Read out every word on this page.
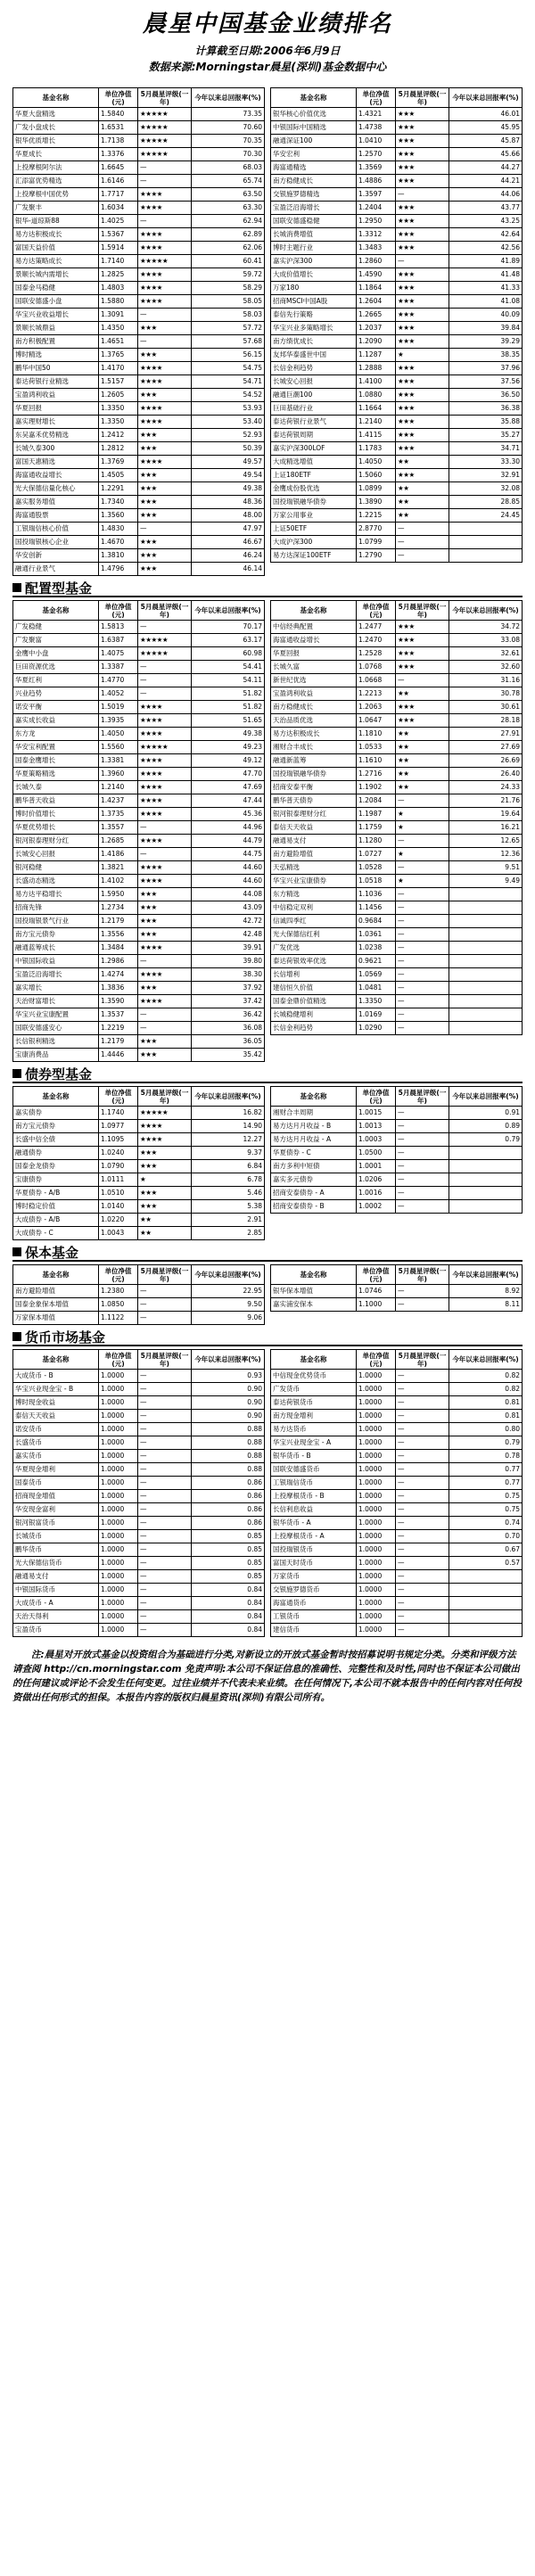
晨星中国基金业绩排名
计算截至日期:2006年6月9日
数据来源:Morningstar晨星(深圳)基金数据中心
基金名称	单位净值(元)	5月晨星评级(一年)	今年以来总回报率(%)
华夏大盘精选	1.5840	★★★★★	73.35
广发小盘成长	1.6531	★★★★★	70.60
银华优质增长	1.7138	★★★★★	70.35
华夏成长	1.3376	★★★★★	70.30
上投摩根阿尔法	1.6645	—	68.03
汇添富优势精选	1.6146	—	65.74
上投摩根中国优势	1.7717	★★★★	63.50
广发聚丰	1.6034	★★★★	63.30
银华-道琼斯88	1.4025	—	62.94
易方达积极成长	1.5367	★★★★	62.89
富国天益价值	1.5914	★★★★	62.06
易方达策略成长	1.7140	★★★★★	60.41
景顺长城内需增长	1.2825	★★★★	59.72
国泰金马稳健	1.4803	★★★★	58.29
国联安德盛小盘	1.5880	★★★★	58.05
华宝兴业收益增长	1.3091	—	58.03
景顺长城鼎益	1.4350	★★★	57.72
南方积极配置	1.4651	—	57.68
博时精选	1.3765	★★★	56.15
鹏华中国50	1.4170	★★★★	54.75
泰达荷银行业精选	1.5157	★★★★	54.71
宝盈鸿利收益	1.2605	★★★	54.52
华夏回报	1.3350	★★★★	53.93
嘉实理财增长	1.3350	★★★★	53.40
东吴嘉禾优势精选	1.2412	★★★	52.93
长城久泰300	1.2812	★★★	50.39
富国天惠精选	1.3769	★★★★	49.57
海富通收益增长	1.4505	★★★	49.54
光大保德信量化核心	1.2291	★★★	49.38
嘉实服务增值	1.7340	★★★	48.36
海富通股票	1.3560	★★★	48.00
工银瑞信核心价值	1.4830	—	47.97
国投瑞银核心企业	1.4670	★★★	46.67
华安创新	1.3810	★★★	46.24
融通行业景气	1.4796	★★★	46.14
基金名称	单位净值(元)	5月晨星评级(一年)	今年以来总回报率(%)
银华核心价值优选	1.4321	★★★	46.01
中银国际中国精选	1.4738	★★★	45.95
融通深证100	1.0410	★★★	45.87
华安宏利	1.2570	★★★	45.66
海富通精选	1.3569	★★★	44.27
南方稳健成长	1.4886	★★★	44.21
交银施罗德精选	1.3597	—	44.06
宝盈泛沿海增长	1.2404	★★★	43.77
国联安德盛稳健	1.2950	★★★	43.25
长城消费增值	1.3312	★★★	42.64
博时主题行业	1.3483	★★★	42.56
嘉实沪深300	1.2860	—	41.89
大成价值增长	1.4590	★★★	41.48
万家180	1.1864	★★★	41.33
招商MSCI中国A股	1.2604	★★★	41.08
泰信先行策略	1.2665	★★★	40.09
华宝兴业多策略增长	1.2037	★★★	39.84
南方绩优成长	1.2090	★★★	39.29
友邦华泰盛世中国	1.1287	★	38.35
长信金利趋势	1.2888	★★★	37.96
长城安心回报	1.4100	★★★	37.56
融通巨潮100	1.0880	★★★	36.50
巨田基础行业	1.1664	★★★	36.38
泰达荷银行业景气	1.2140	★★★	35.88
泰达荷银周期	1.4115	★★★	35.27
嘉实沪深300LOF	1.1783	★★★	34.71
大成精选增值	1.4050	★★	33.30
上证180ETF	1.5060	★★★	32.91
金鹰成份股优选	1.0899	★★	32.08
国投瑞银融华债券	1.3890	★★	28.85
万家公用事业	1.2215	★★	24.45
上证50ETF	2.8770	—	
大成沪深300	1.0799	—	
易方达深证100ETF	1.2790	—	
配置型基金
基金名称	单位净值(元)	5月晨星评级(一年)	今年以来总回报率(%)
广发稳健	1.5813	—	70.17
广发聚富	1.6387	★★★★★	63.17
金鹰中小盘	1.4075	★★★★★	60.98
巨田资源优选	1.3387	—	54.41
华夏红利	1.4770	—	54.11
兴业趋势	1.4052	—	51.82
诺安平衡	1.5019	★★★★	51.82
嘉实成长收益	1.3935	★★★★	51.65
东方龙	1.4050	★★★★	49.38
华安宝利配置	1.5560	★★★★★	49.23
国泰金鹰增长	1.3381	★★★★	49.12
华夏策略精选	1.3960	★★★★	47.70
长城久泰	1.2140	★★★★	47.69
鹏华普天收益	1.4237	★★★★	47.44
博时价值增长	1.3735	★★★★	45.36
华夏优势增长	1.3557	—	44.96
银河银泰理财分红	1.2685	★★★★	44.79
长城安心回报	1.4186	—	44.75
银河稳健	1.3821	★★★★	44.60
长盛动态精选	1.4102	★★★★	44.60
易方达平稳增长	1.5950	★★★	44.08
招商先锋	1.2734	★★★	43.09
国投瑞银景气行业	1.2179	★★★	42.72
南方宝元债券	1.3556	★★★	42.48
融通蓝筹成长	1.3484	★★★★	39.91
中银国际收益	1.2986	—	39.80
宝盈泛沿海增长	1.4274	★★★★	38.30
嘉实增长	1.3836	★★★	37.92
天治财富增长	1.3590	★★★★	37.42
华宝兴业宝康配置	1.3537	—	36.42
国联安德盛安心	1.2219	—	36.08
长信银利精选	1.2179	★★★	36.05
宝康消费品	1.4446	★★★	35.42
基金名称	单位净值(元)	5月晨星评级(一年)	今年以来总回报率(%)
中信经典配置	1.2477	★★★	34.72
海富通收益增长	1.2470	★★★	33.08
华夏回报	1.2528	★★★	32.61
长城久富	1.0768	★★★	32.60
新世纪优选	1.0668	—	31.16
宝盈鸿利收益	1.2213	★★	30.78
南方稳健成长	1.2063	★★★	30.61
天治品质优选	1.0647	★★★	28.18
易方达积极成长	1.1810	★★	27.91
湘财合丰成长	1.0533	★★	27.69
融通新蓝筹	1.1610	★★	26.69
国投瑞银融华债券	1.2716	★★	26.40
招商安泰平衡	1.1902	★★	24.33
鹏华普天债券	1.2084	—	21.76
银河银泰理财分红	1.1987	★	19.64
泰信天天收益	1.1759	★	16.21
融通易支付	1.1280	—	12.65
南方避险增值	1.0727	★	12.36
天弘精选	1.0528	—	9.51
华宝兴业宝康债券	1.0518	★	9.49
东方精选	1.1036	—	
中信稳定双利	1.1456	—	
信诚四季红	0.9684	—	
光大保德信红利	1.0361	—	
广发优选	1.0238	—	
泰达荷银效率优选	0.9621	—	
长信增利	1.0569	—	
建信恒久价值	1.0481	—	
国泰金鼎价值精选	1.3350	—	
长城稳健增利	1.0169	—	
长信金利趋势	1.0290	—	
债券型基金
基金名称	单位净值(元)	5月晨星评级(一年)	今年以来总回报率(%)
嘉实债券	1.1740	★★★★★	16.82
南方宝元债券	1.0977	★★★★	14.90
长盛中信全债	1.1095	★★★★	12.27
融通债券	1.0240	★★★	9.37
国泰金龙债券	1.0790	★★★	6.84
宝康债券	1.0111	★	6.78
华夏债券 - A/B	1.0510	★★★	5.46
博时稳定价值	1.0140	★★★	5.38
大成债券 - A/B	1.0220	★★	2.91
大成债券 - C	1.0043	★★	2.85
基金名称	单位净值(元)	5月晨星评级(一年)	今年以来总回报率(%)
湘财合丰周期	1.0015	—	0.91
易方达月月收益 - B	1.0013	—	0.89
易方达月月收益 - A	1.0003	—	0.79
华夏债券 - C	1.0500	—	
南方多利中短债	1.0001	—	
嘉实多元债券	1.0206	—	
招商安泰债券 - A	1.0016	—	
招商安泰债券 - B	1.0002	—	
保本基金
基金名称	单位净值(元)	5月晨星评级(一年)	今年以来总回报率(%)
南方避险增值	1.2380	—	22.95
国泰金象保本增值	1.0850	—	9.50
万家保本增值	1.1122	—	9.06
基金名称	单位净值(元)	5月晨星评级(一年)	今年以来总回报率(%)
银华保本增值	1.0746	—	8.92
嘉实浦安保本	1.1000	—	8.11
货币市场基金
基金名称	单位净值(元)	5月晨星评级(一年)	今年以来总回报率(%)
大成货币 - B	1.0000	—	0.93
华宝兴业现金宝 - B	1.0000	—	0.90
博时现金收益	1.0000	—	0.90
泰信天天收益	1.0000	—	0.90
诺安货币	1.0000	—	0.88
长盛货币	1.0000	—	0.88
嘉实货币	1.0000	—	0.88
华夏现金增利	1.0000	—	0.88
国泰货币	1.0000	—	0.86
招商现金增值	1.0000	—	0.86
华安现金富利	1.0000	—	0.86
银河银富货币	1.0000	—	0.86
长城货币	1.0000	—	0.85
鹏华货币	1.0000	—	0.85
光大保德信货币	1.0000	—	0.85
融通易支付	1.0000	—	0.85
中银国际货币	1.0000	—	0.84
大成货币 - A	1.0000	—	0.84
天治天得利	1.0000	—	0.84
宝盈货币	1.0000	—	0.84
基金名称	单位净值(元)	5月晨星评级(一年)	今年以来总回报率(%)
中信现金优势货币	1.0000	—	0.82
广发货币	1.0000	—	0.82
泰达荷银货币	1.0000	—	0.81
南方现金增利	1.0000	—	0.81
易方达货币	1.0000	—	0.80
华宝兴业现金宝 - A	1.0000	—	0.79
银华货币 - B	1.0000	—	0.78
国联安德盛货币	1.0000	—	0.77
工银瑞信货币	1.0000	—	0.77
上投摩根货币 - B	1.0000	—	0.75
长信利息收益	1.0000	—	0.75
银华货币 - A	1.0000	—	0.74
上投摩根货币 - A	1.0000	—	0.70
国投瑞银货币	1.0000	—	0.67
富国天时货币	1.0000	—	0.57
万家货币	1.0000	—	
交银施罗德货币	1.0000	—	
海富通货币	1.0000	—	
工银货币	1.0000	—	
建信货币	1.0000	—	
注:晨星对开放式基金以投资组合为基础进行分类,对新设立的开放式基金暂时按招募说明书规定分类。分类和评级方法请查阅 http://cn.morningstar.com 免责声明:本公司不保证信息的准确性、完整性和及时性,同时也不保证本公司做出的任何建议或评论不会发生任何变更。过往业绩并不代表未来业绩。在任何情况下,本公司不就本报告中的任何内容对任何投资做出任何形式的担保。本报告内容的版权归晨星资讯(深圳)有限公司所有。
